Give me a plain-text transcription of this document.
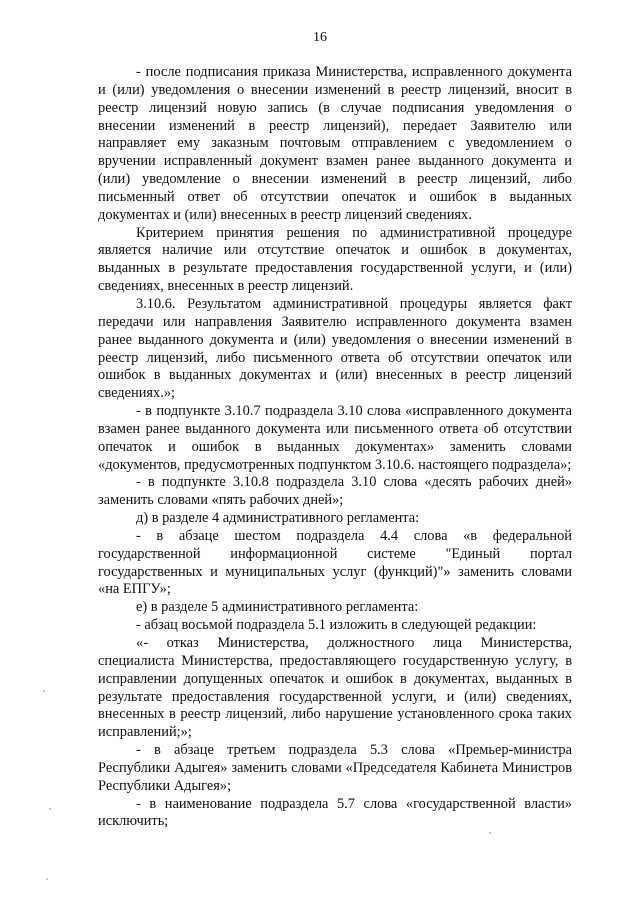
16

- после подписания приказа Министерства, исправленного документа и (или) уведомления о внесении изменений в реестр лицензий, вносит в реестр лицензий новую запись (в случае подписания уведомления о внесении изменений в реестр лицензий), передает Заявителю или направляет ему заказным почтовым отправлением с уведомлением о вручении исправленный документ взамен ранее выданного документа и (или) уведомление о внесении изменений в реестр лицензий, либо письменный ответ об отсутствии опечаток и ошибок в выданных документах и (или) внесенных в реестр лицензий сведениях.

Критерием принятия решения по административной процедуре является наличие или отсутствие опечаток и ошибок в документах, выданных в результате предоставления государственной услуги, и (или) сведениях, внесенных в реестр лицензий.

3.10.6. Результатом административной процедуры является факт передачи или направления Заявителю исправленного документа взамен ранее выданного документа и (или) уведомления о внесении изменений в реестр лицензий, либо письменного ответа об отсутствии опечаток или ошибок в выданных документах и (или) внесенных в реестр лицензий сведениях.»;

- в подпункте 3.10.7 подраздела 3.10 слова «исправленного документа взамен ранее выданного документа или письменного ответа об отсутствии опечаток и ошибок в выданных документах» заменить словами «документов, предусмотренных подпунктом 3.10.6. настоящего подраздела»;

- в подпункте 3.10.8 подраздела 3.10 слова «десять рабочих дней» заменить словами «пять рабочих дней»;

д) в разделе 4 административного регламента:

- в абзаце шестом подраздела 4.4 слова «в федеральной государственной информационной системе "Единый портал государственных и муниципальных услуг (функций)"» заменить словами «на ЕПГУ»;

е) в разделе 5 административного регламента:

- абзац восьмой подраздела 5.1 изложить в следующей редакции:

«- отказ Министерства, должностного лица Министерства, специалиста Министерства, предоставляющего государственную услугу, в исправлении допущенных опечаток и ошибок в документах, выданных в результате предоставления государственной услуги, и (или) сведениях, внесенных в реестр лицензий, либо нарушение установленного срока таких исправлений;»;

- в абзаце третьем подраздела 5.3 слова «Премьер-министра Республики Адыгея» заменить словами «Председателя Кабинета Министров Республики Адыгея»;

- в наименование подраздела 5.7 слова «государственной власти» исключить;
